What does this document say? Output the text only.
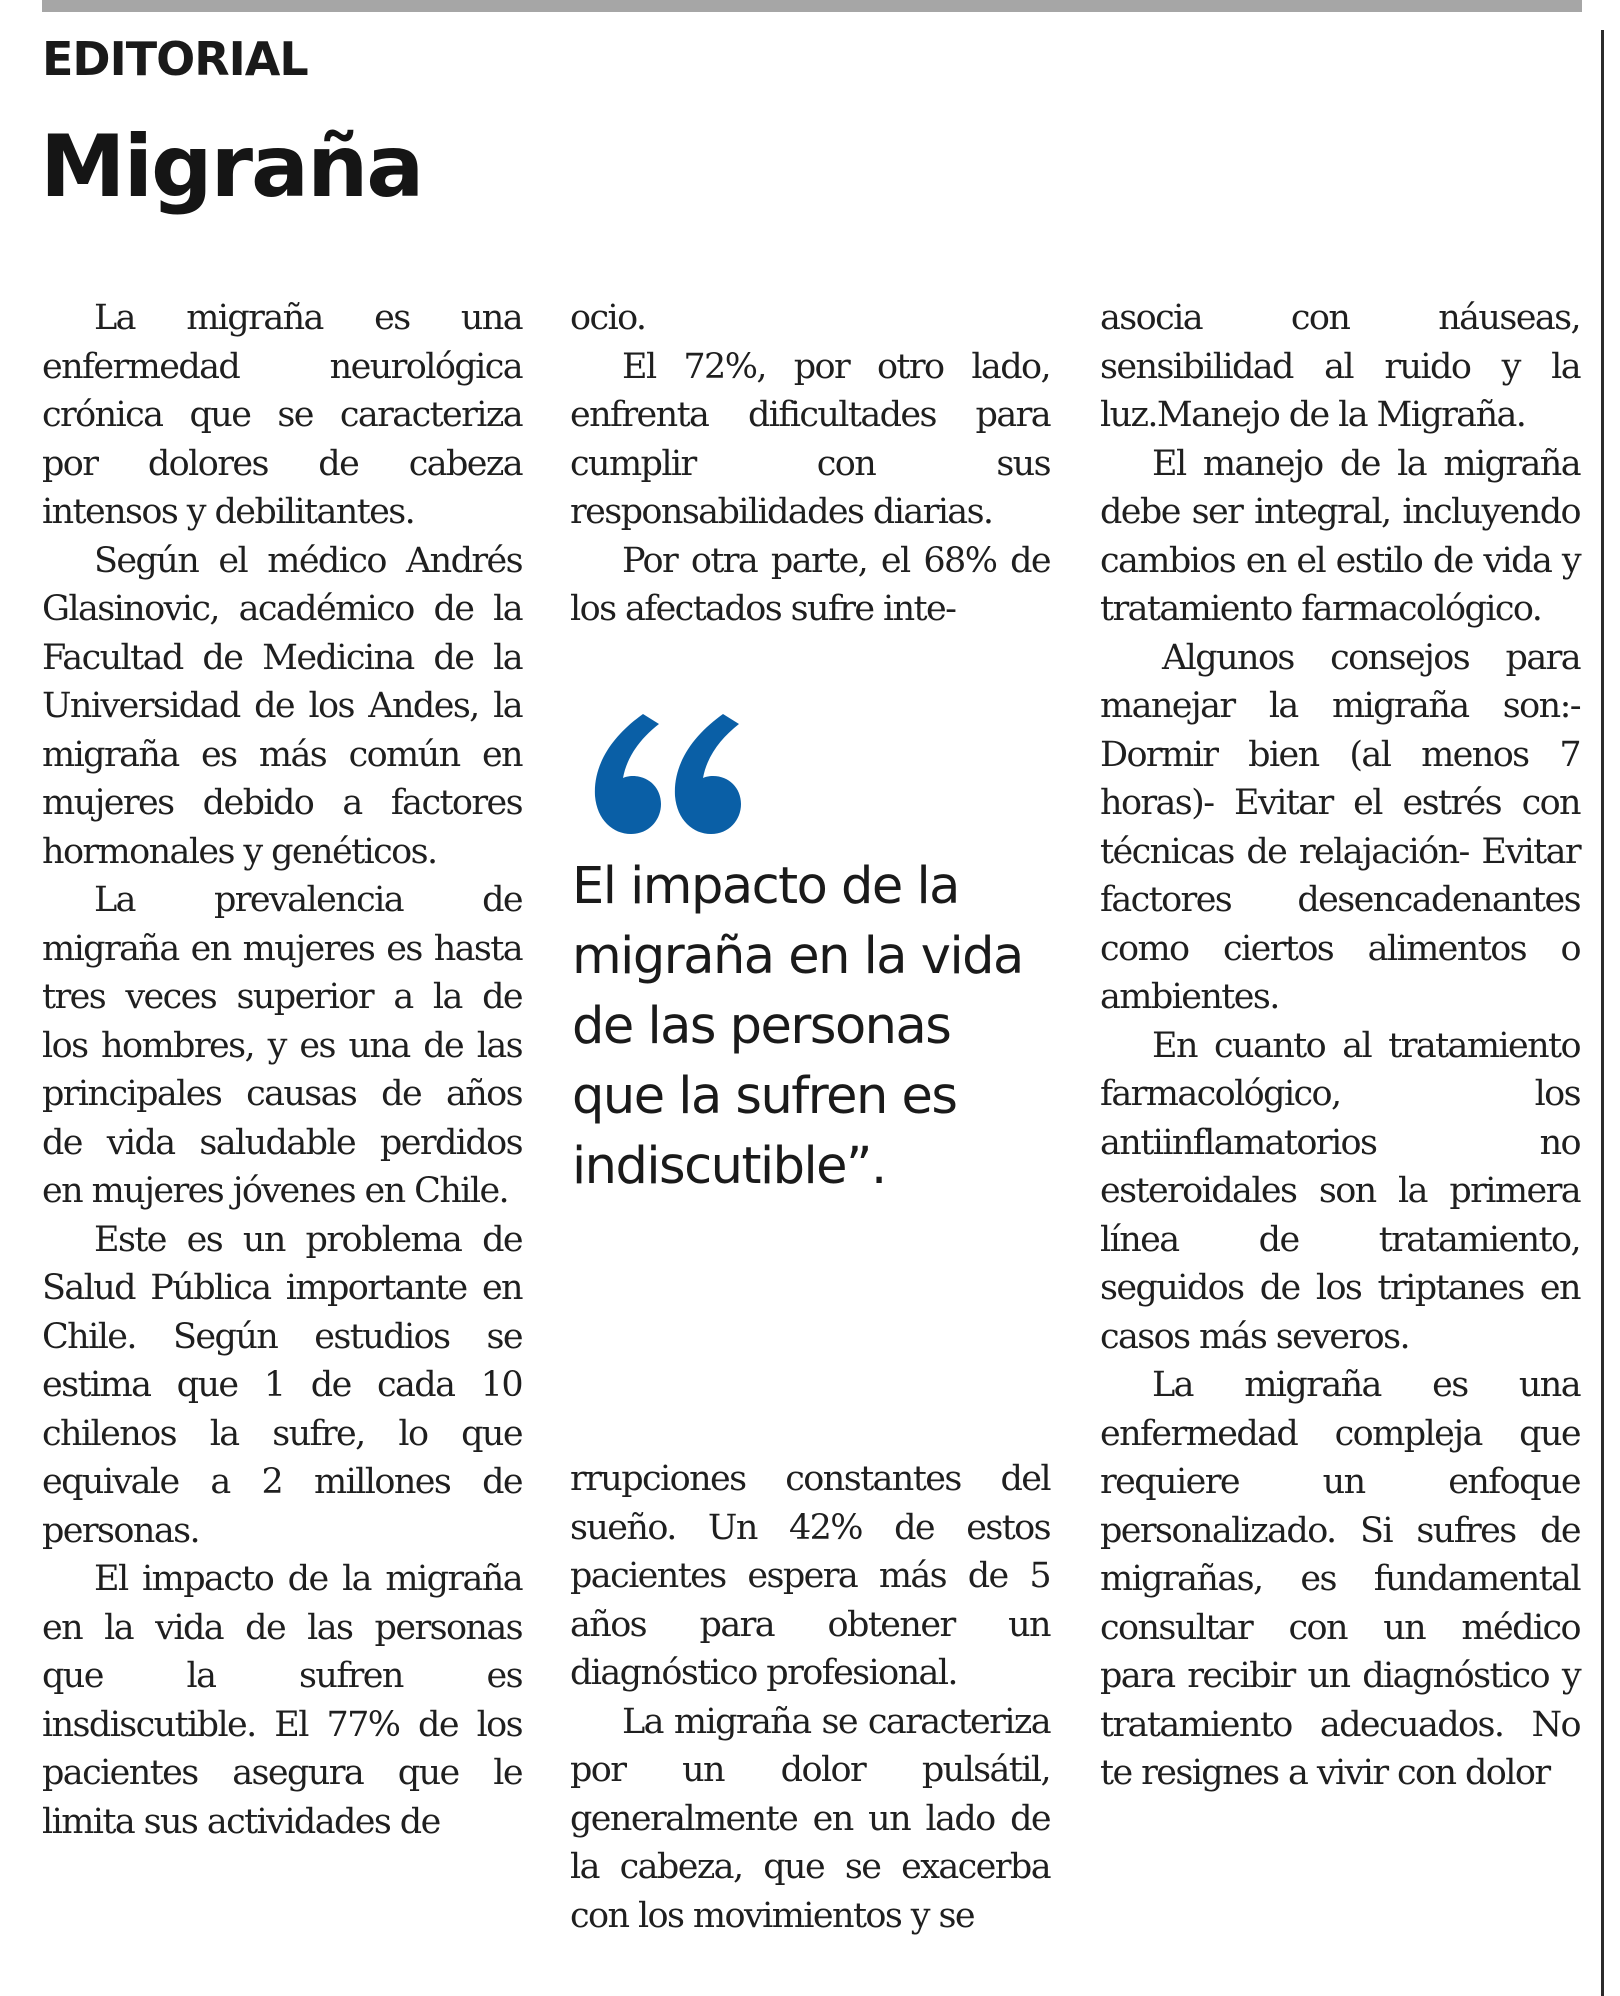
EDITORIAL
Migraña

La migraña es una enfermedad neurológica crónica que se caracteriza por dolores de cabeza intensos y debilitantes.

Según el médico Andrés Glasinovic, académico de la Facultad de Medicina de la Universidad de los Andes, la migraña es más común en mujeres debido a factores hormonales y genéticos.

La prevalencia de migraña en mujeres es hasta tres veces superior a la de los hombres, y es una de las principales causas de años de vida saludable perdidos en mujeres jóvenes en Chile.

Este es un problema de Salud Pública importante en Chile. Según estudios se estima que 1 de cada 10 chilenos la sufre, lo que equivale a 2 millones de personas.

El impacto de la migraña en la vida de las personas que la sufren es insdiscutible. El 77% de los pacientes asegura que le limita sus actividades de

ocio.

El 72%, por otro lado, enfrenta dificultades para cumplir con sus responsabilidades diarias.

Por otra parte, el 68% de los afectados sufre inte-

El impacto de la migraña en la vida de las personas que la sufren es indiscutible”.

rrupciones constantes del sueño. Un 42% de estos pacientes espera más de 5 años para obtener un diagnóstico profesional.

La migraña se caracteriza por un dolor pulsátil, generalmente en un lado de la cabeza, que se exacerba con los movimientos y se

asocia con náuseas, sensibilidad al ruido y la luz.Manejo de la Migraña.

El manejo de la migraña debe ser integral, incluyendo cambios en el estilo de vida y tratamiento farmacológico.

Algunos consejos para manejar la migraña son:- Dormir bien (al menos 7 horas)- Evitar el estrés con técnicas de relajación- Evitar factores desencadenantes como ciertos alimentos o ambientes.

En cuanto al tratamiento farmacológico, los antiinflamatorios no esteroidales son la primera línea de tratamiento, seguidos de los triptanes en casos más severos.

La migraña es una enfermedad compleja que requiere un enfoque personalizado. Si sufres de migrañas, es fundamental consultar con un médico para recibir un diagnóstico y tratamiento adecuados. No te resignes a vivir con dolor
